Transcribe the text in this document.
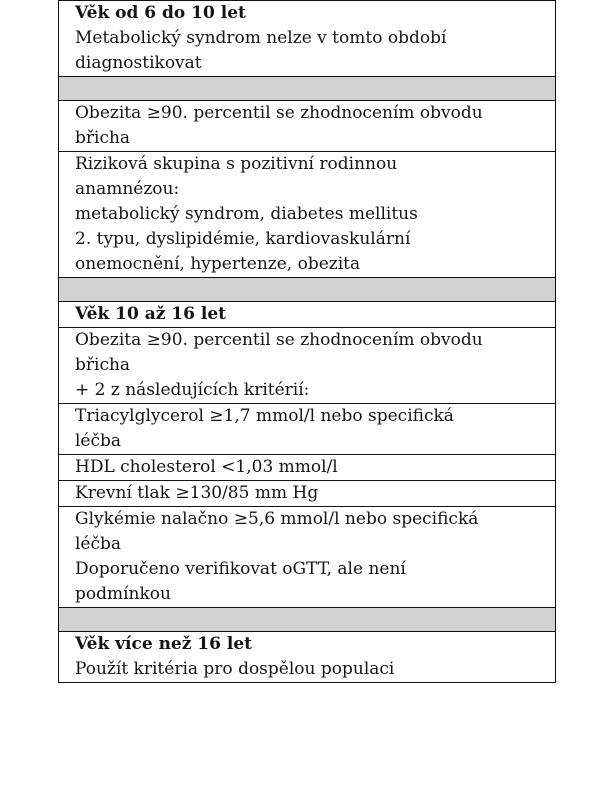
Věk od 6 do 10 let
Metabolický syndrom nelze v tomto období
diagnostikovat
Obezita ≥90. percentil se zhodnocením obvodu
břicha
Riziková skupina s pozitivní rodinnou
anamnézou:
metabolický syndrom, diabetes mellitus
2. typu, dyslipidémie, kardiovaskulární
onemocnění, hypertenze, obezita
Věk 10 až 16 let
Obezita ≥90. percentil se zhodnocením obvodu
břicha
+ 2 z následujících kritérií:
Triacylglycerol ≥1,7 mmol/l nebo specifická
léčba
HDL cholesterol <1,03 mmol/l
Krevní tlak ≥130/85 mm Hg
Glykémie nalačno ≥5,6 mmol/l nebo specifická
léčba
Doporučeno verifikovat oGTT, ale není
podmínkou
Věk více než 16 let
Použít kritéria pro dospělou populaci
